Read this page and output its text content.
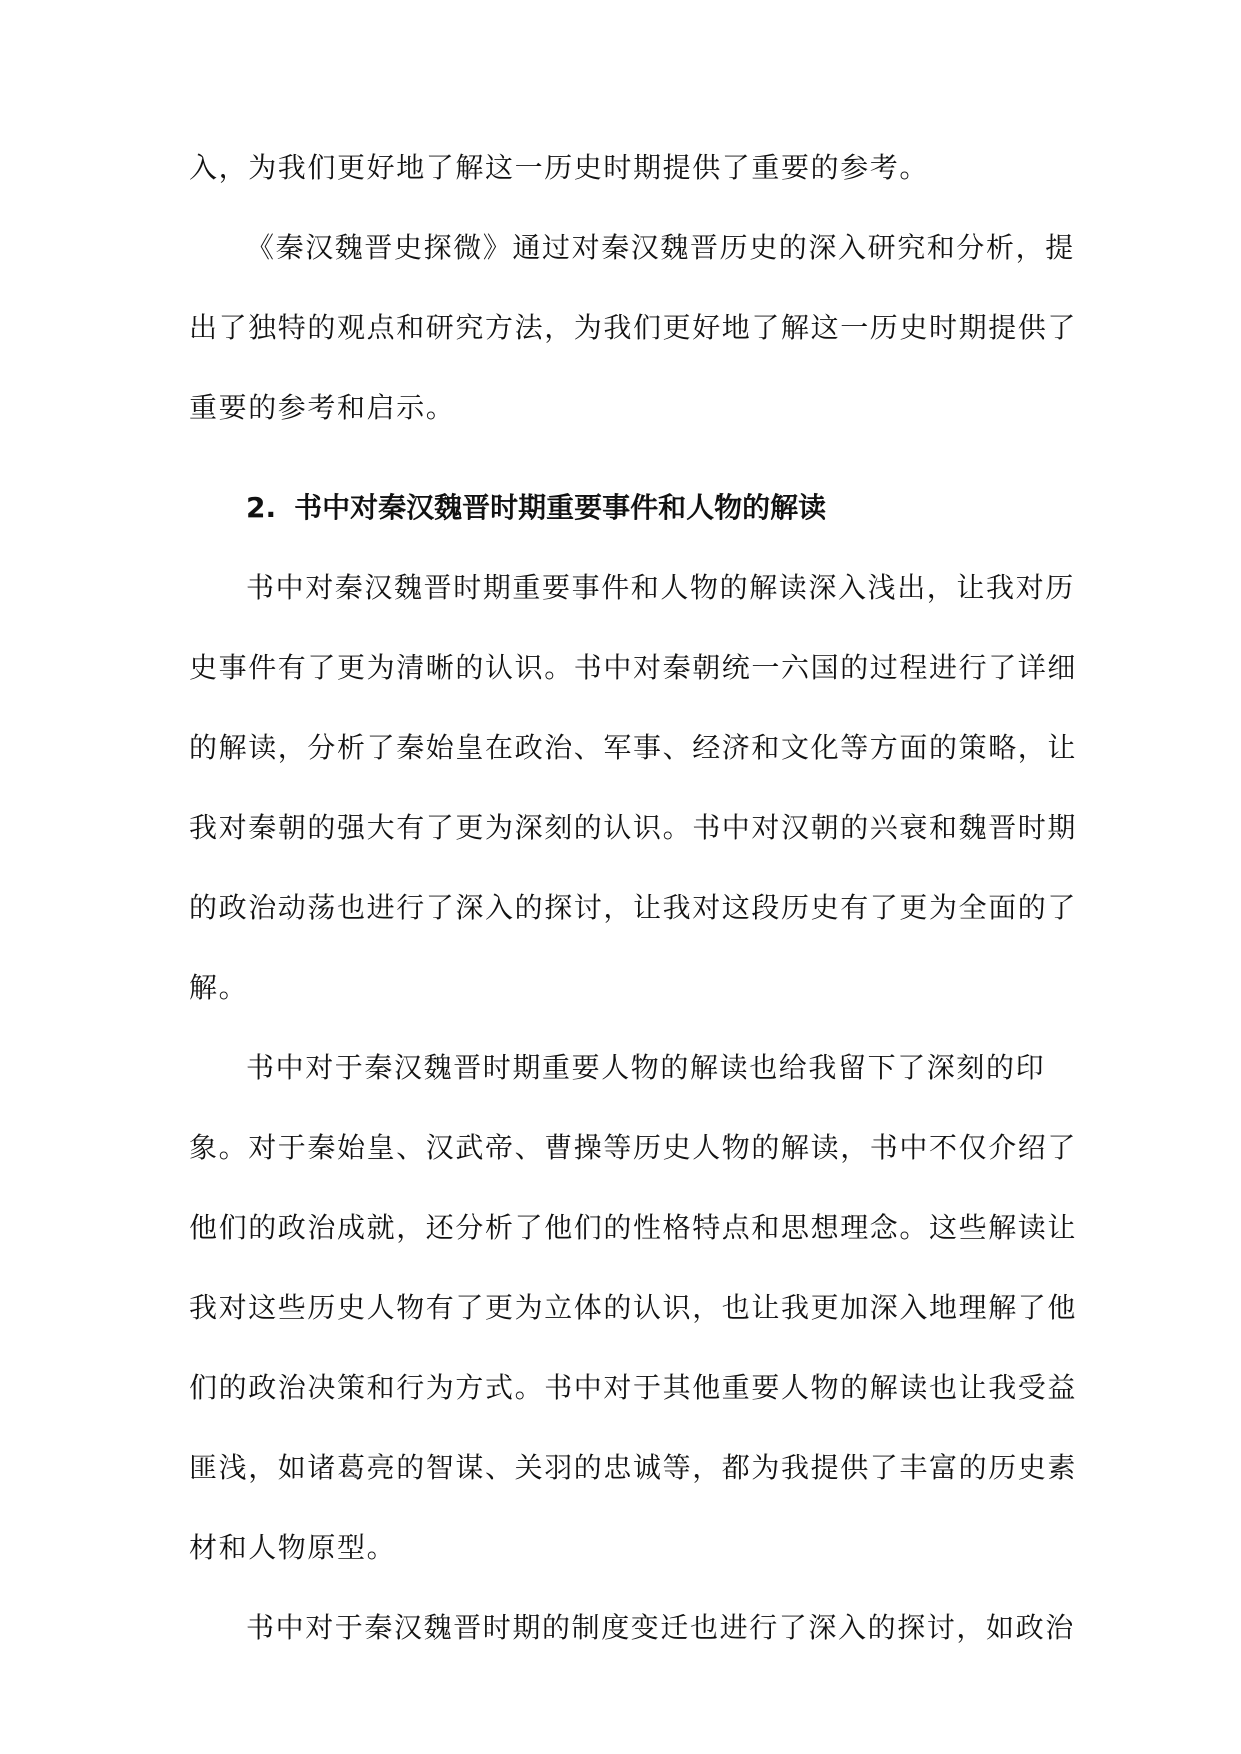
入，为我们更好地了解这一历史时期提供了重要的参考。

《秦汉魏晋史探微》通过对秦汉魏晋历史的深入研究和分析，提

出了独特的观点和研究方法，为我们更好地了解这一历史时期提供了

重要的参考和启示。

2. 书中对秦汉魏晋时期重要事件和人物的解读

书中对秦汉魏晋时期重要事件和人物的解读深入浅出，让我对历

史事件有了更为清晰的认识。书中对秦朝统一六国的过程进行了详细

的解读，分析了秦始皇在政治、军事、经济和文化等方面的策略，让

我对秦朝的强大有了更为深刻的认识。书中对汉朝的兴衰和魏晋时期

的政治动荡也进行了深入的探讨，让我对这段历史有了更为全面的了

解。

书中对于秦汉魏晋时期重要人物的解读也给我留下了深刻的印

象。对于秦始皇、汉武帝、曹操等历史人物的解读，书中不仅介绍了

他们的政治成就，还分析了他们的性格特点和思想理念。这些解读让

我对这些历史人物有了更为立体的认识，也让我更加深入地理解了他

们的政治决策和行为方式。书中对于其他重要人物的解读也让我受益

匪浅，如诸葛亮的智谋、关羽的忠诚等，都为我提供了丰富的历史素

材和人物原型。

书中对于秦汉魏晋时期的制度变迁也进行了深入的探讨，如政治
